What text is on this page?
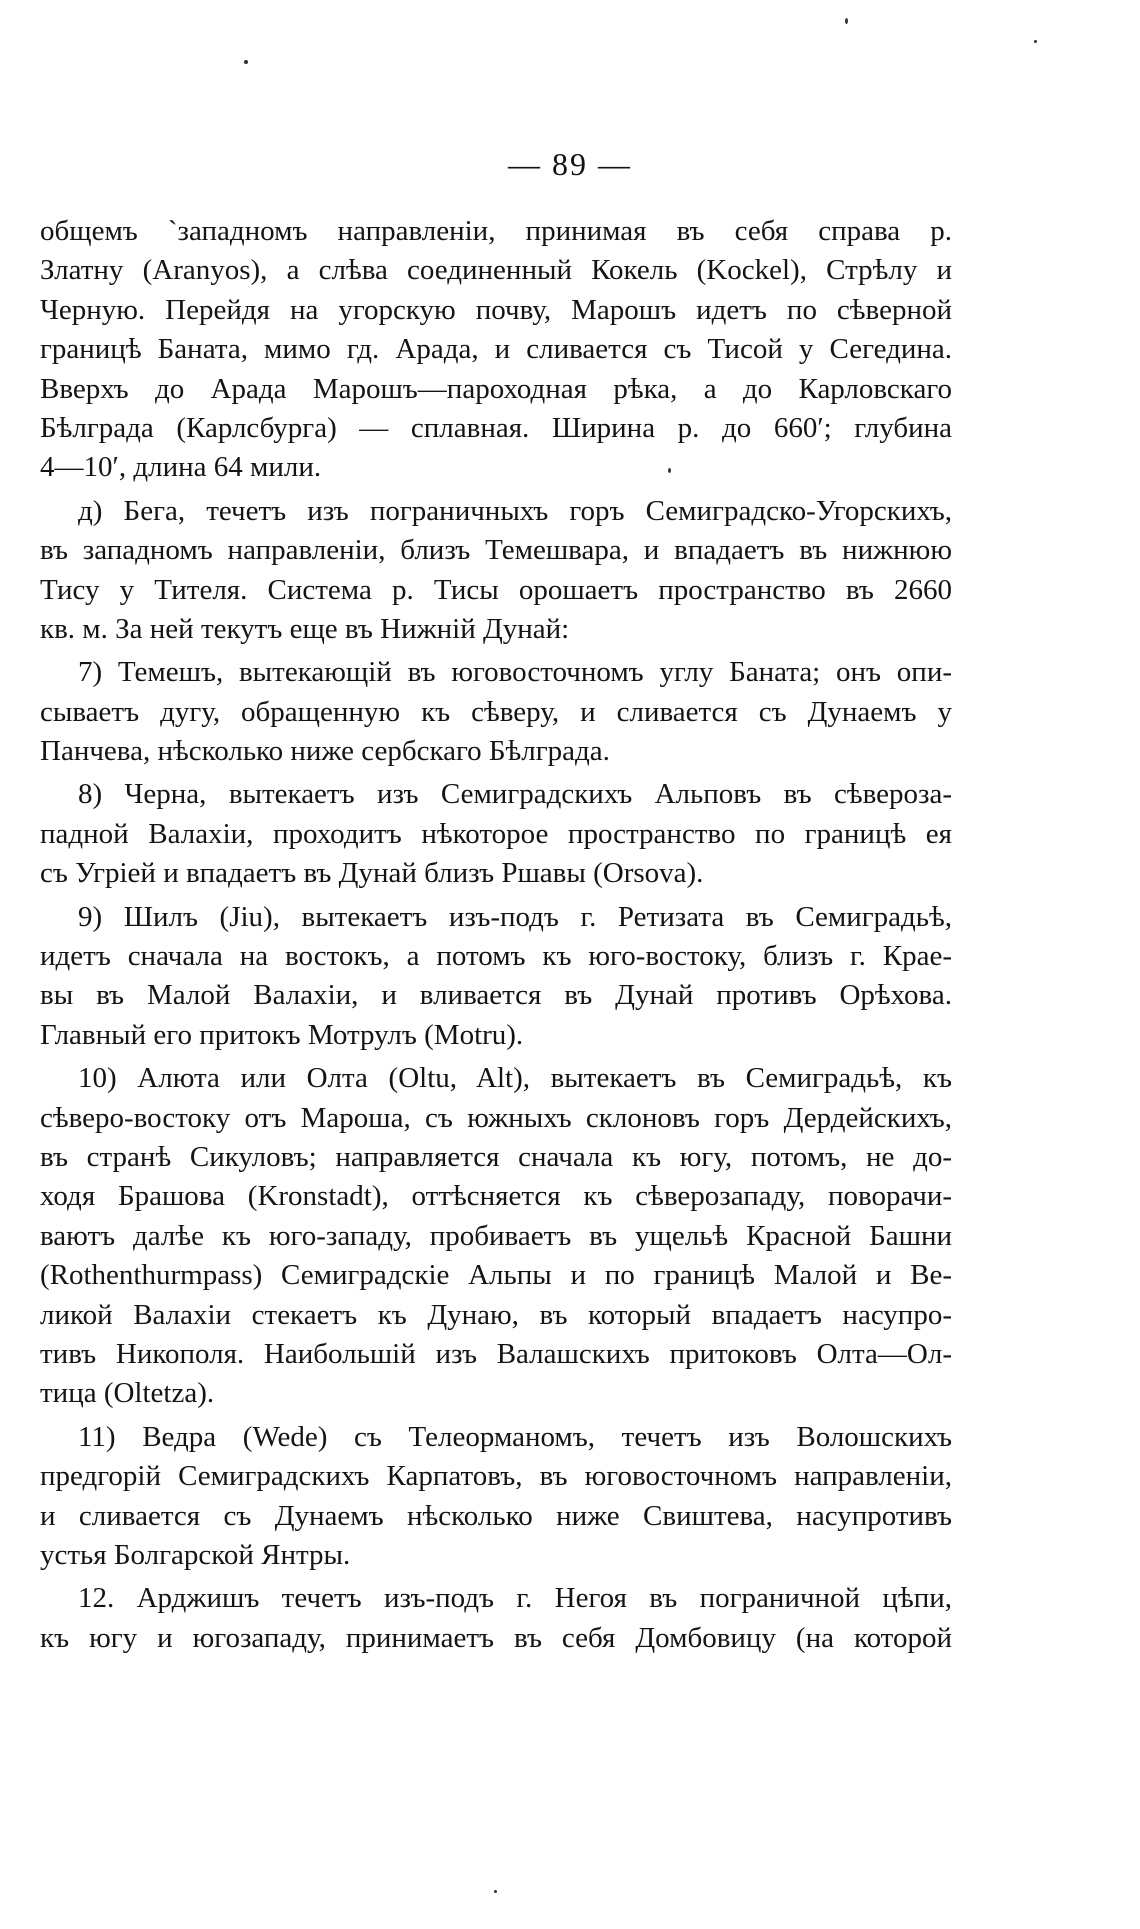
— 89 —

общемъ `западномъ направленіи, принимая въ себя справа р.
Златну (Aranyos), а слѣва соединенный Кокель (Kockel), Стрѣлу и
Черную. Перейдя на угорскую почву, Марошъ идетъ по сѣверной
границѣ Баната, мимо гд. Арада, и сливается съ Тисой у Сегедина.
Вверхъ до Арада Марошъ—пароходная рѣка, а до Карловскаго
Бѣлграда (Карлсбурга) — сплавная. Ширина р. до 660′; глубина
4—10′, длина 64 мили.
д) Бега, течетъ изъ пограничныхъ горъ Семиградско-Угорскихъ,
въ западномъ направленіи, близъ Темешвара, и впадаетъ въ нижнюю
Тису у Тителя. Система р. Тисы орошаетъ пространство въ 2660
кв. м. За ней текутъ еще въ Нижній Дунай:
7) Темешъ, вытекающій въ юговосточномъ углу Баната; онъ опи-
сываетъ дугу, обращенную къ сѣверу, и сливается съ Дунаемъ у
Панчева, нѣсколько ниже сербскаго Бѣлграда.
8) Черна, вытекаетъ изъ Семиградскихъ Альповъ въ сѣвероза-
падной Валахіи, проходитъ нѣкоторое пространство по границѣ ея
съ Угріей и впадаетъ въ Дунай близъ Ршавы (Orsova).
9) Шилъ (Jiu), вытекаетъ изъ-подъ г. Ретизата въ Семиградьѣ,
идетъ сначала на востокъ, а потомъ къ юго-востоку, близъ г. Крае-
вы въ Малой Валахіи, и вливается въ Дунай противъ Орѣхова.
Главный его притокъ Мотрулъ (Motru).
10) Алюта или Олта (Oltu, Alt), вытекаетъ въ Семиградьѣ, къ
сѣверо-востоку отъ Мароша, съ южныхъ склоновъ горъ Дердейскихъ,
въ странѣ Сикуловъ; направляется сначала къ югу, потомъ, не до-
ходя Брашова (Kronstadt), оттѣсняется къ сѣверозападу, поворачи-
ваютъ далѣе къ юго-западу, пробиваетъ въ ущельѣ Красной Башни
(Rothenthurmpass) Семиградскіе Альпы и по границѣ Малой и Ве-
ликой Валахіи стекаетъ къ Дунаю, въ который впадаетъ насупро-
тивъ Никополя. Наибольшій изъ Валашскихъ притоковъ Олта—Ол-
тица (Oltetza).
11) Ведра (Wede) съ Телеорманомъ, течетъ изъ Волошскихъ
предгорій Семиградскихъ Карпатовъ, въ юговосточномъ направленіи,
и сливается съ Дунаемъ нѣсколько ниже Свиштева, насупротивъ
устья Болгарской Янтры.
12. Арджишъ течетъ изъ-подъ г. Негоя въ пограничной цѣпи,
къ югу и югозападу, принимаетъ въ себя Домбовицу (на которой
